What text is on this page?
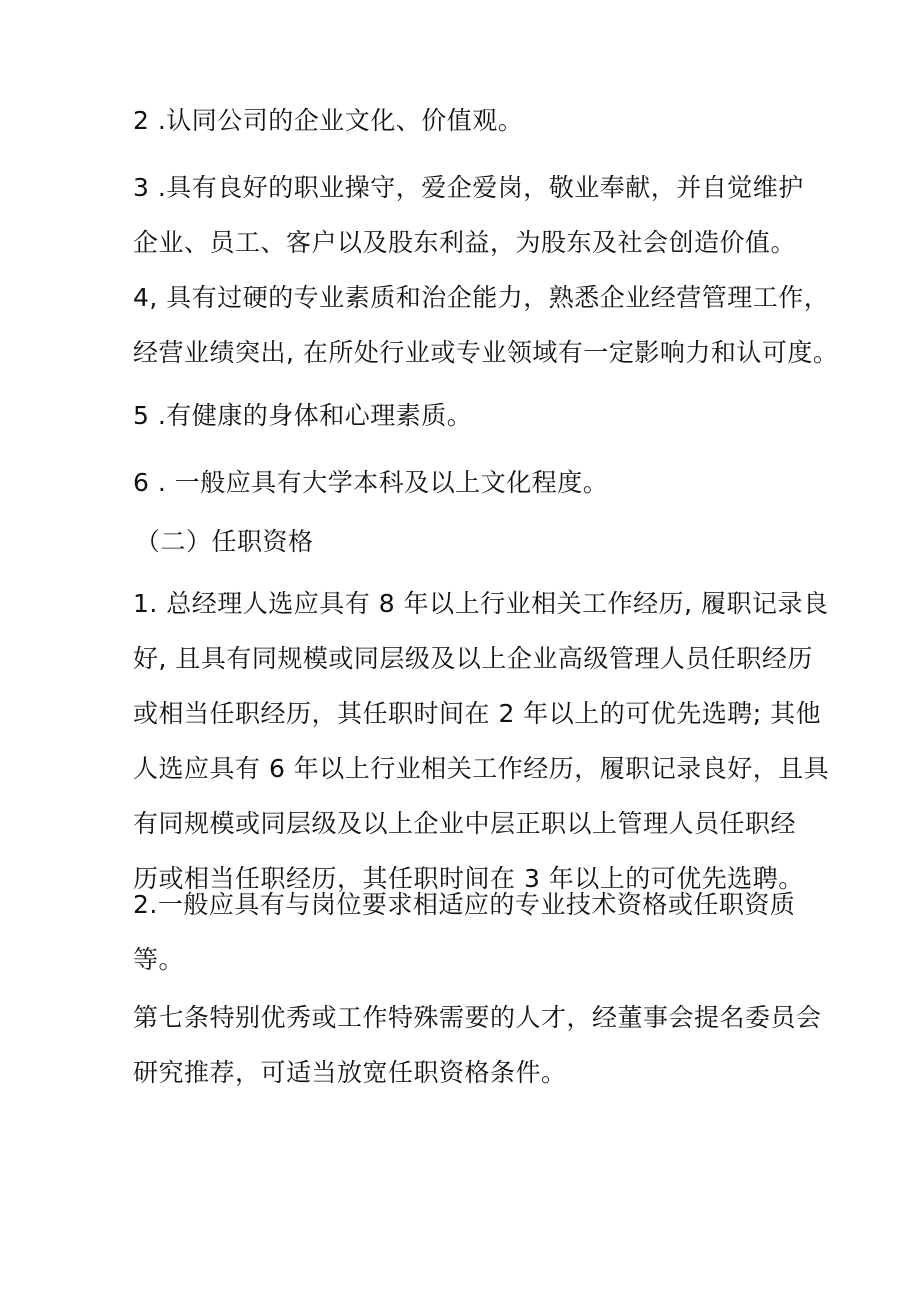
2 .认同公司的企业文化、价值观。

3 .具有良好的职业操守，爱企爱岗，敬业奉献，并自觉维护
企业、员工、客户以及股东利益，为股东及社会创造价值。

4, 具有过硬的专业素质和治企能力，熟悉企业经营管理工作，
经营业绩突出, 在所处行业或专业领域有一定影响力和认可度。

5 .有健康的身体和心理素质。

6 . 一般应具有大学本科及以上文化程度。

（二）任职资格

1. 总经理人选应具有 8 年以上行业相关工作经历, 履职记录良
好, 且具有同规模或同层级及以上企业高级管理人员任职经历
或相当任职经历，其任职时间在 2 年以上的可优先选聘; 其他
人选应具有 6 年以上行业相关工作经历，履职记录良好，且具
有同规模或同层级及以上企业中层正职以上管理人员任职经
历或相当任职经历，其任职时间在 3 年以上的可优先选聘。

2.一般应具有与岗位要求相适应的专业技术资格或任职资质
等。

第七条特别优秀或工作特殊需要的人才，经董事会提名委员会
研究推荐，可适当放宽任职资格条件。
